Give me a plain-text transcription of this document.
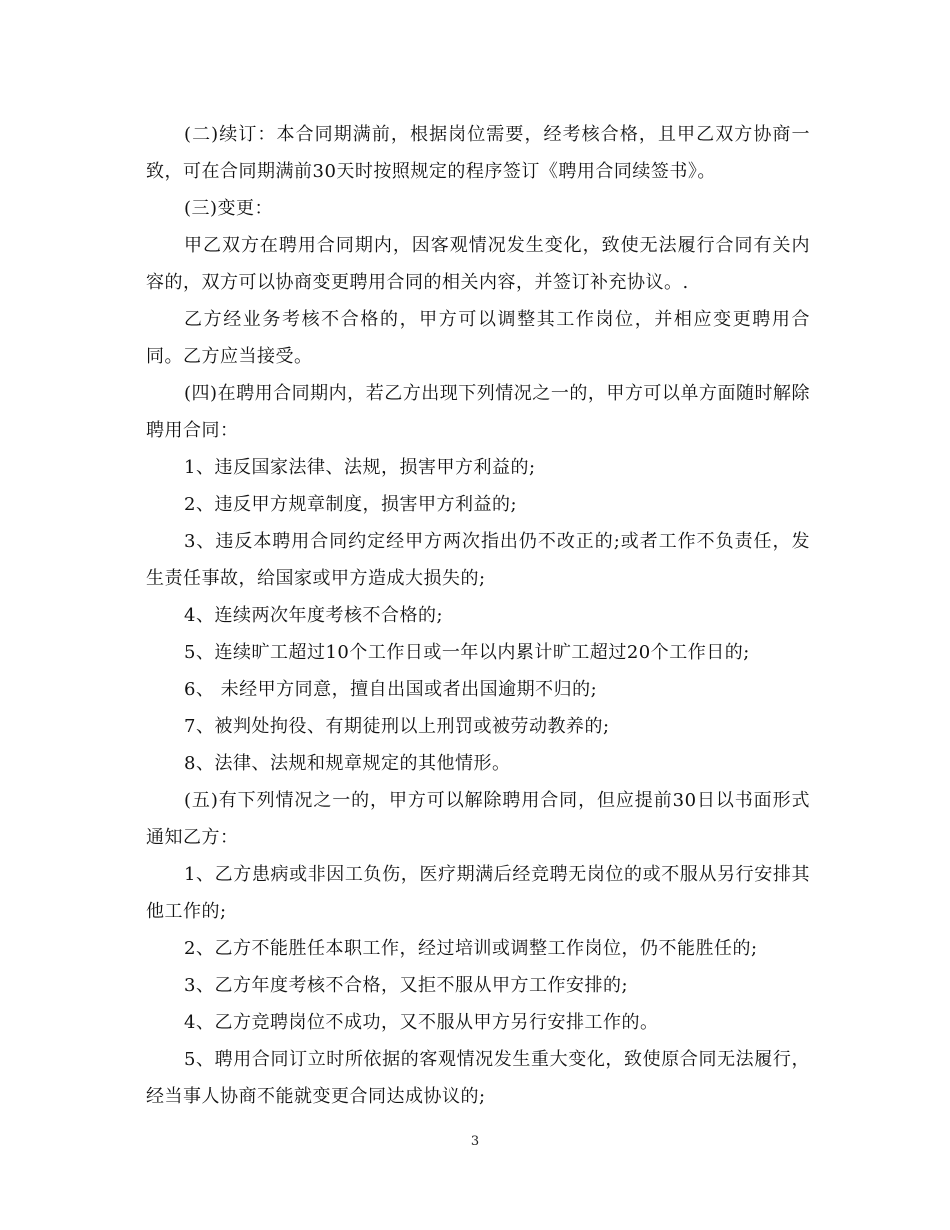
(二)续订：本合同期满前，根据岗位需要，经考核合格，且甲乙双方协商一致，可在合同期满前30天时按照规定的程序签订《聘用合同续签书》。

(三)变更：

甲乙双方在聘用合同期内，因客观情况发生变化，致使无法履行合同有关内容的，双方可以协商变更聘用合同的相关内容，并签订补充协议。.

乙方经业务考核不合格的，甲方可以调整其工作岗位，并相应变更聘用合同。乙方应当接受。

(四)在聘用合同期内，若乙方出现下列情况之一的，甲方可以单方面随时解除聘用合同：

1、违反国家法律、法规，损害甲方利益的;

2、违反甲方规章制度，损害甲方利益的;

3、违反本聘用合同约定经甲方两次指出仍不改正的;或者工作不负责任，发生责任事故，给国家或甲方造成大损失的;

4、连续两次年度考核不合格的;

5、连续旷工超过10个工作日或一年以内累计旷工超过20个工作日的;

6、 未经甲方同意，擅自出国或者出国逾期不归的;

7、被判处拘役、有期徒刑以上刑罚或被劳动教养的;

8、法律、法规和规章规定的其他情形。

(五)有下列情况之一的，甲方可以解除聘用合同，但应提前30日以书面形式通知乙方：

1、乙方患病或非因工负伤，医疗期满后经竞聘无岗位的或不服从另行安排其他工作的;

2、乙方不能胜任本职工作，经过培训或调整工作岗位，仍不能胜任的;

3、乙方年度考核不合格，又拒不服从甲方工作安排的;

4、乙方竞聘岗位不成功，又不服从甲方另行安排工作的。

5、聘用合同订立时所依据的客观情况发生重大变化，致使原合同无法履行，经当事人协商不能就变更合同达成协议的;

3
